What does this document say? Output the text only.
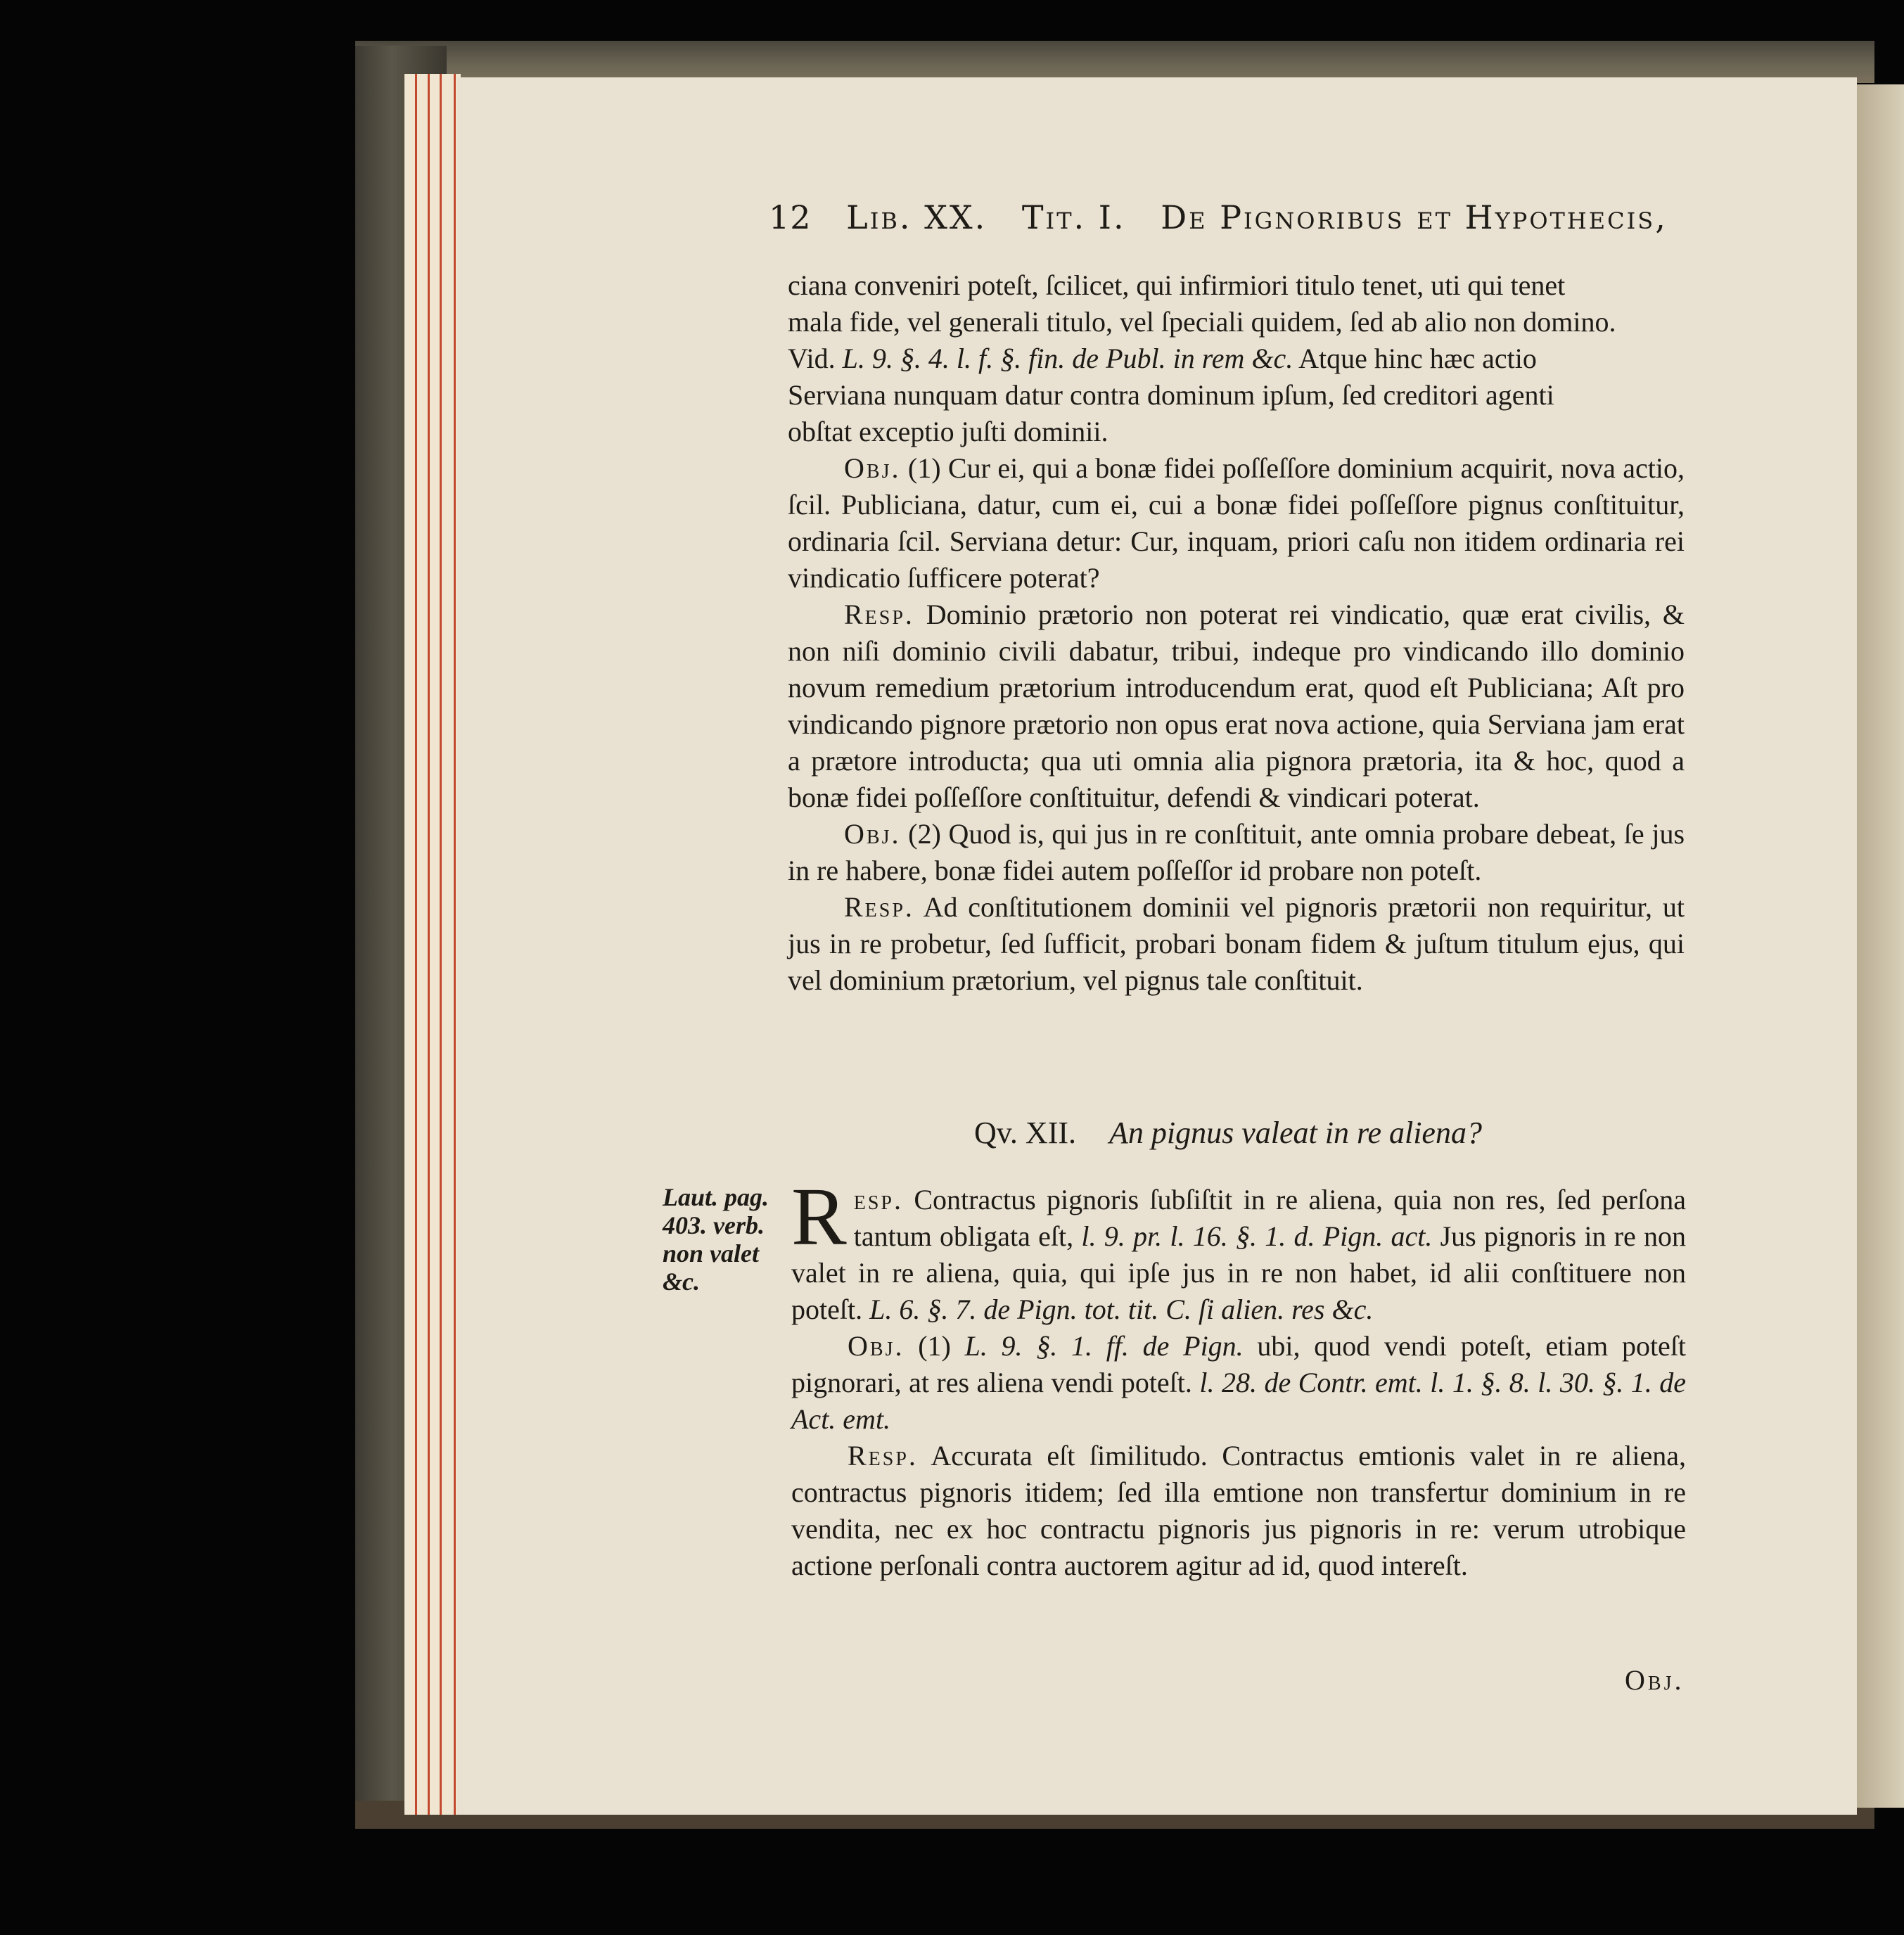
12 Lib. XX. Tit. I. De Pignoribus et Hypothecis,

ciana conveniri poteſt, ſcilicet, qui infirmiori titulo tenet, uti qui tenet

mala fide, vel generali titulo, vel ſpeciali quidem, ſed ab alio non domino.

Vid. L. 9. §. 4. l. f. §. fin. de Publ. in rem &c. Atque hinc hæc actio

Serviana nunquam datur contra dominum ipſum, ſed creditori agenti

obſtat exceptio juſti dominii.

Obj. (1) Cur ei, qui a bonæ fidei poſſeſſore dominium acquirit, nova actio, ſcil. Publiciana, datur, cum ei, cui a bonæ fidei poſſeſſore pignus conſtituitur, ordinaria ſcil. Serviana detur: Cur, inquam, priori caſu non itidem ordinaria rei vindicatio ſufficere poterat?

Resp. Dominio prætorio non poterat rei vindicatio, quæ erat civilis, & non niſi dominio civili dabatur, tribui, indeque pro vindicando illo dominio novum remedium prætorium introducendum erat, quod eſt Publiciana; Aſt pro vindicando pignore prætorio non opus erat nova actione, quia Serviana jam erat a prætore introducta; qua uti omnia alia pignora prætoria, ita & hoc, quod a bonæ fidei poſſeſſore conſtituitur, defendi & vindicari poterat.

Obj. (2) Quod is, qui jus in re conſtituit, ante omnia probare debeat, ſe jus in re habere, bonæ fidei autem poſſeſſor id probare non poteſt.

Resp. Ad conſtitutionem dominii vel pignoris prætorii non requiritur, ut jus in re probetur, ſed ſufficit, probari bonam fidem & juſtum titulum ejus, qui vel dominium prætorium, vel pignus tale conſtituit.

Qv. XII. An pignus valeat in re aliena?
Laut. pag.
403. verb.
non valet
&c.

R esp. Contractus pignoris ſubſiſtit in re aliena, quia non res, ſed perſona tantum obligata eſt, l. 9. pr. l. 16. §. 1. d. Pign. act. Jus pignoris in re non valet in re aliena, quia, qui ipſe jus in re non habet, id alii conſtituere non poteſt. L. 6. §. 7. de Pign. tot. tit. C. ſi alien. res &c.

Obj. (1) L. 9. §. 1. ff. de Pign. ubi, quod vendi poteſt, etiam poteſt pignorari, at res aliena vendi poteſt. l. 28. de Contr. emt. l. 1. §. 8. l. 30. §. 1. de Act. emt.

Resp. Accurata eſt ſimilitudo. Contractus emtionis valet in re aliena, contractus pignoris itidem; ſed illa emtione non transfertur dominium in re vendita, nec ex hoc contractu pignoris jus pignoris in re: verum utrobique actione perſonali contra auctorem agitur ad id, quod intereſt.

Obj.
